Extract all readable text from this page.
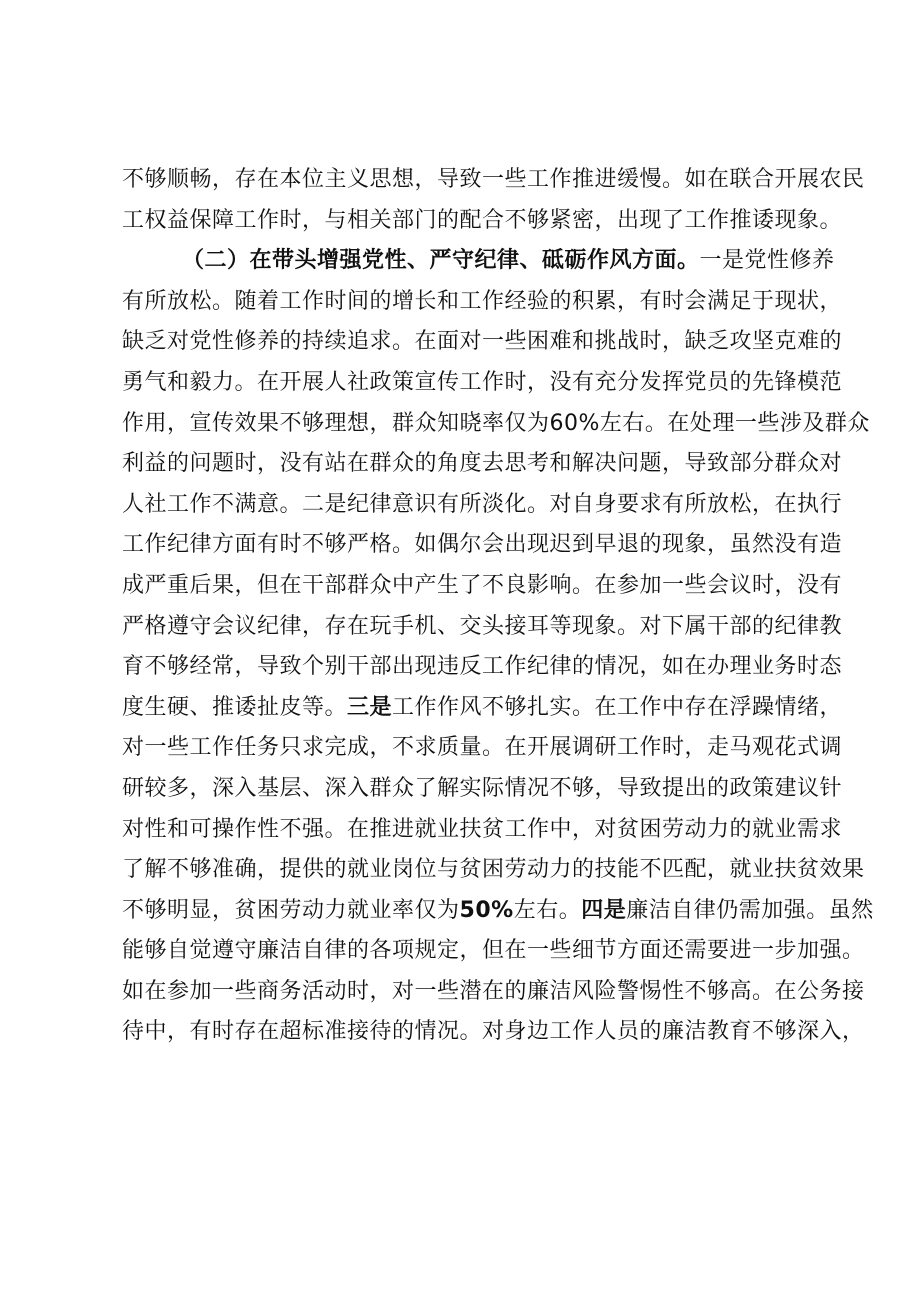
不够顺畅，存在本位主义思想，导致一些工作推进缓慢。如在联合开展农民
工权益保障工作时，与相关部门的配合不够紧密，出现了工作推诿现象。
（二）在带头增强党性、严守纪律、砥砺作风方面。一是党性修养
有所放松。随着工作时间的增长和工作经验的积累，有时会满足于现状，
缺乏对党性修养的持续追求。在面对一些困难和挑战时，缺乏攻坚克难的
勇气和毅力。在开展人社政策宣传工作时，没有充分发挥党员的先锋模范
作用，宣传效果不够理想，群众知晓率仅为60%左右。在处理一些涉及群众
利益的问题时，没有站在群众的角度去思考和解决问题，导致部分群众对
人社工作不满意。二是纪律意识有所淡化。对自身要求有所放松，在执行
工作纪律方面有时不够严格。如偶尔会出现迟到早退的现象，虽然没有造
成严重后果，但在干部群众中产生了不良影响。在参加一些会议时，没有
严格遵守会议纪律，存在玩手机、交头接耳等现象。对下属干部的纪律教
育不够经常，导致个别干部出现违反工作纪律的情况，如在办理业务时态
度生硬、推诿扯皮等。三是工作作风不够扎实。在工作中存在浮躁情绪，
对一些工作任务只求完成，不求质量。在开展调研工作时，走马观花式调
研较多，深入基层、深入群众了解实际情况不够，导致提出的政策建议针
对性和可操作性不强。在推进就业扶贫工作中，对贫困劳动力的就业需求
了解不够准确，提供的就业岗位与贫困劳动力的技能不匹配，就业扶贫效果
不够明显，贫困劳动力就业率仅为50%左右。四是廉洁自律仍需加强。虽然
能够自觉遵守廉洁自律的各项规定，但在一些细节方面还需要进一步加强。
如在参加一些商务活动时，对一些潜在的廉洁风险警惕性不够高。在公务接
待中，有时存在超标准接待的情况。对身边工作人员的廉洁教育不够深入，
